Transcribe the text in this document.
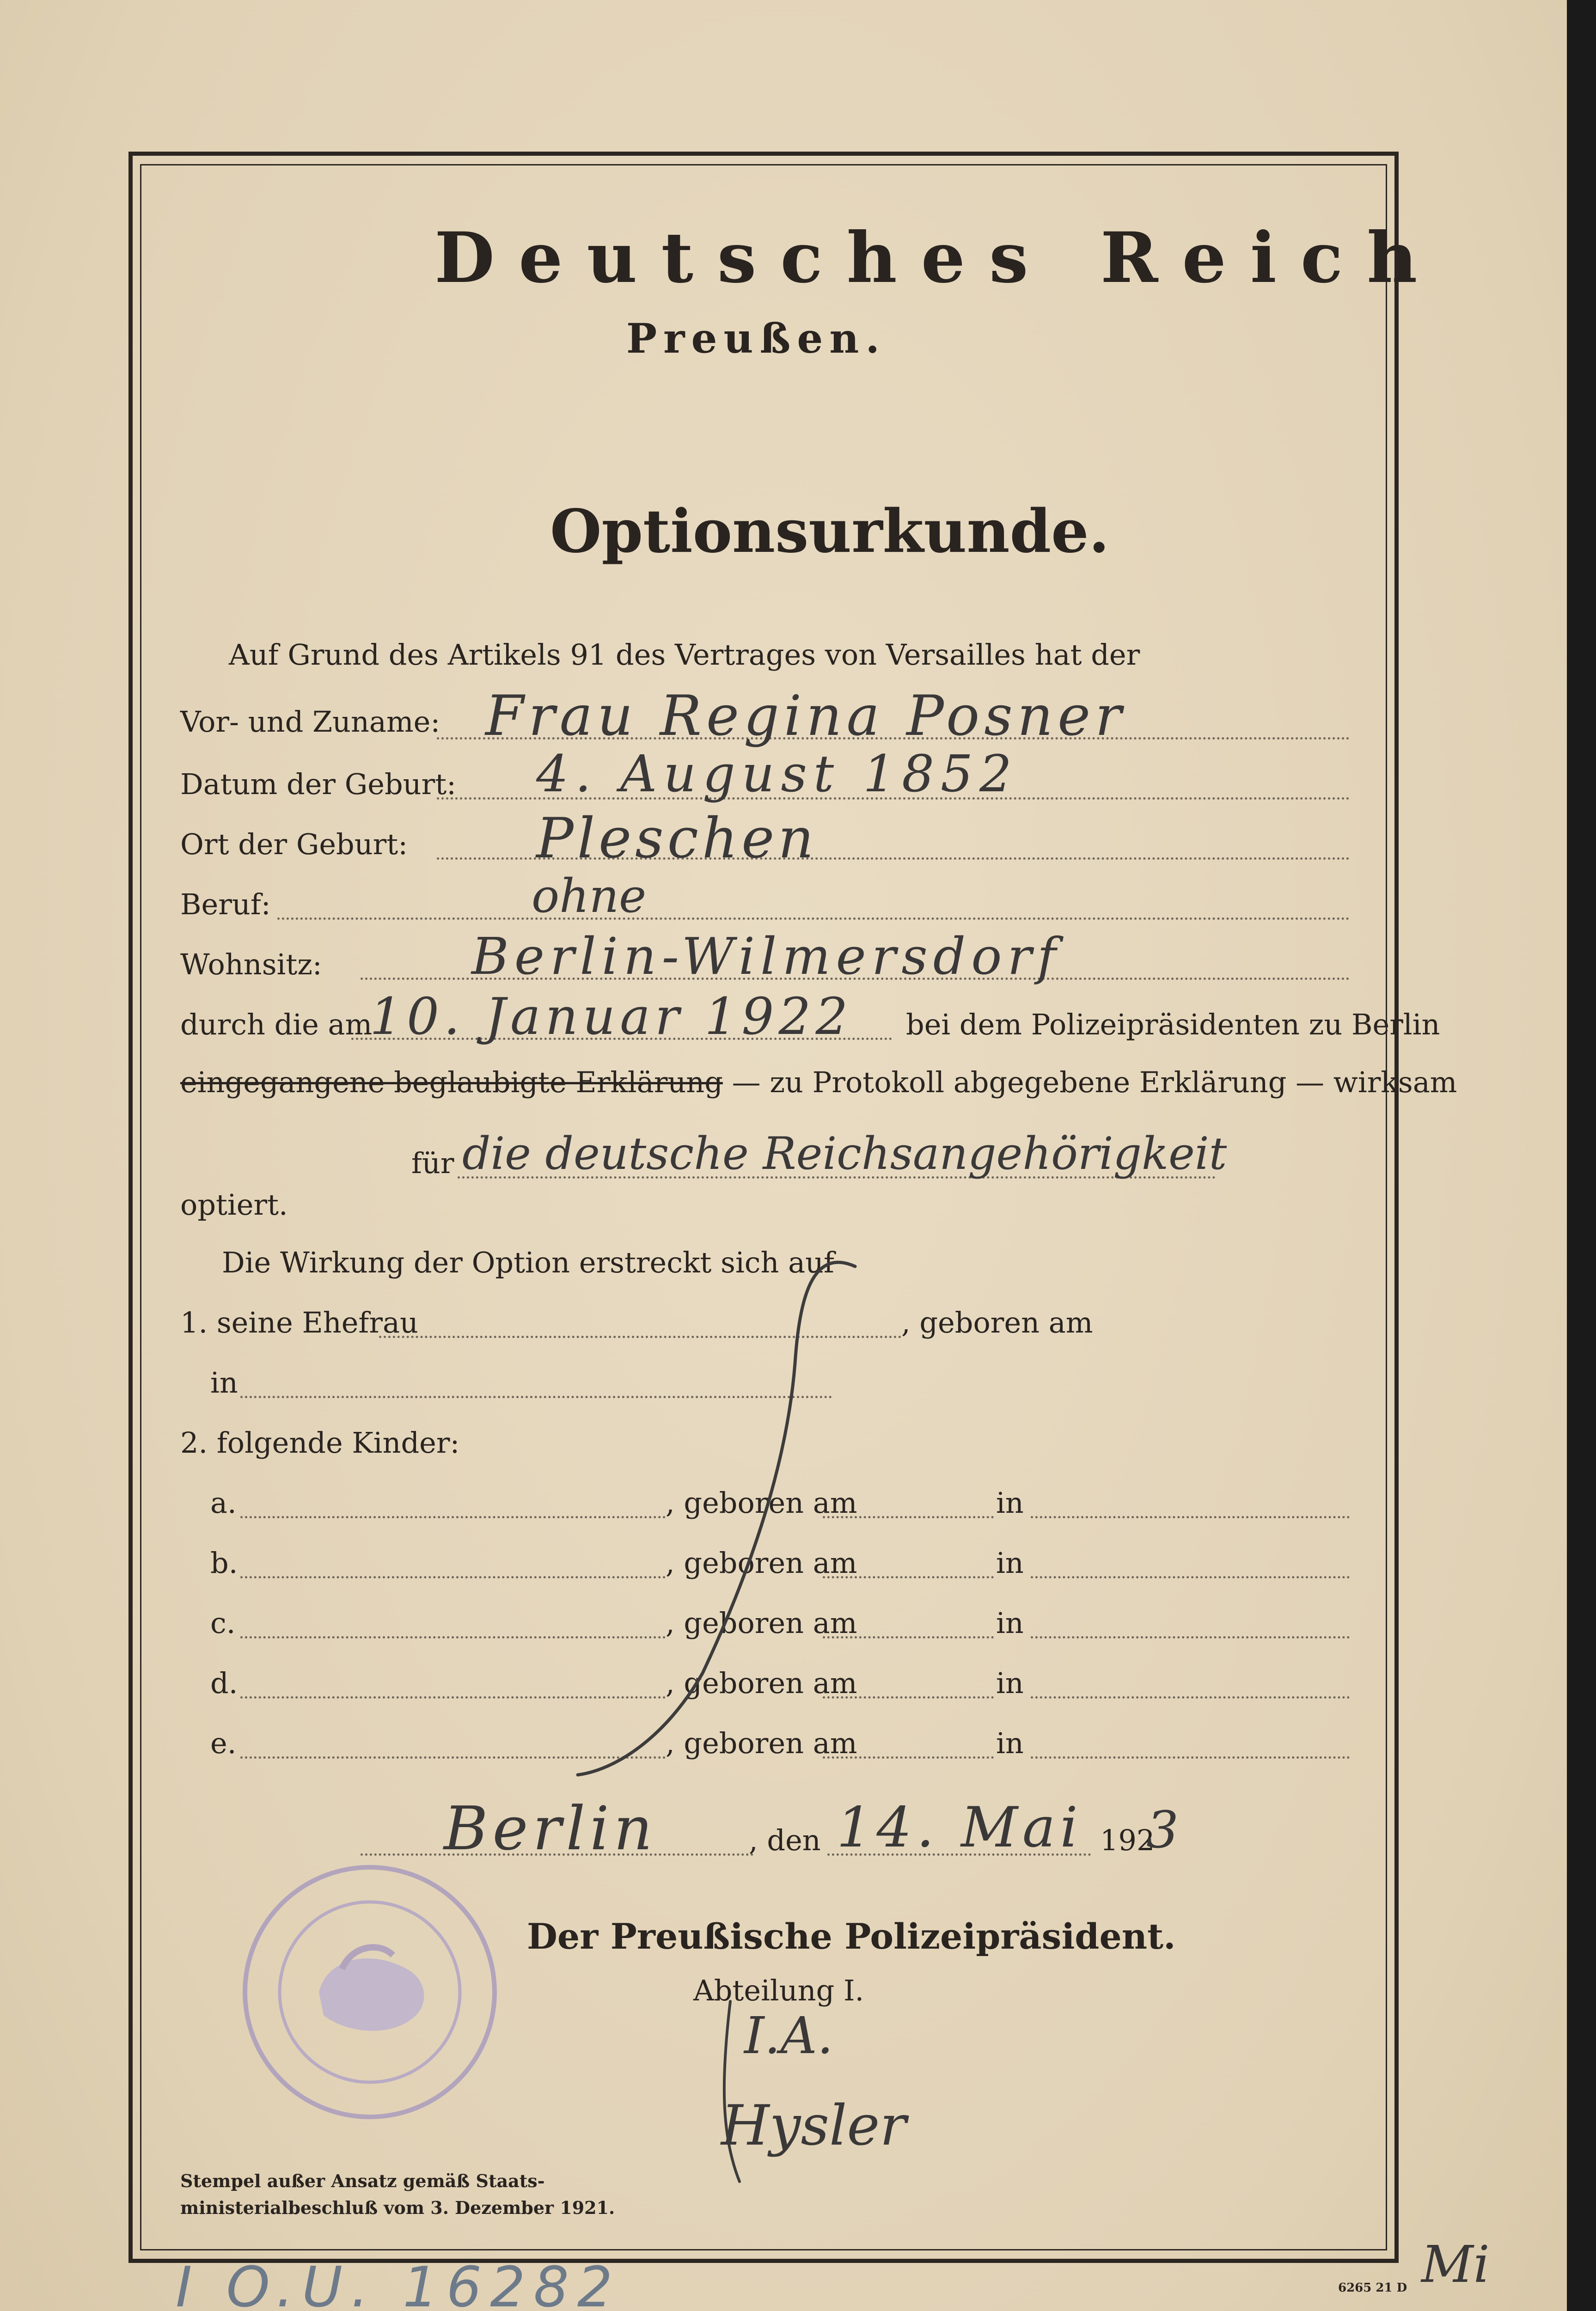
Deutsches Reich
Preußen.
Optionsurkunde.
Auf Grund des Artikels 91 des Vertrages von Versailles hat der
Vor- und Zuname: Frau Regina Posner
Datum der Geburt: 4. August 1852
Ort der Geburt: Pleschen
Beruf:	ohne
Wohnsitz:	Berlin-Wilmersdorf
durch die am
10. Januar 1922 bei dem Polizeipräsidenten zu Berlin
eingegangene beglaubigte Erklärung — zu Protokoll abgegebene Erklärung — wirksam
für die deutsche Reichsangehörigkeit
optiert.
Die Wirkung der Option erstreckt sich auf
1. seine Ehefrau	, geboren am
in
2. folgende Kinder:
a.	, geboren am	in
b.	, geboren am	in
c.	, geboren am	in
d.	, geboren am	in
e.	, geboren am	in
Berlin	, den 14. Mai 192
3
Der Preußische Polizeipräsident.
Abteilung I.
I.A.
Hysler
Stempel außer Ansatz gemäß Staats-
ministerialbeschluß vom 3. Dezember 1921.
6265 21 D
I O.U. 16282	Mi
